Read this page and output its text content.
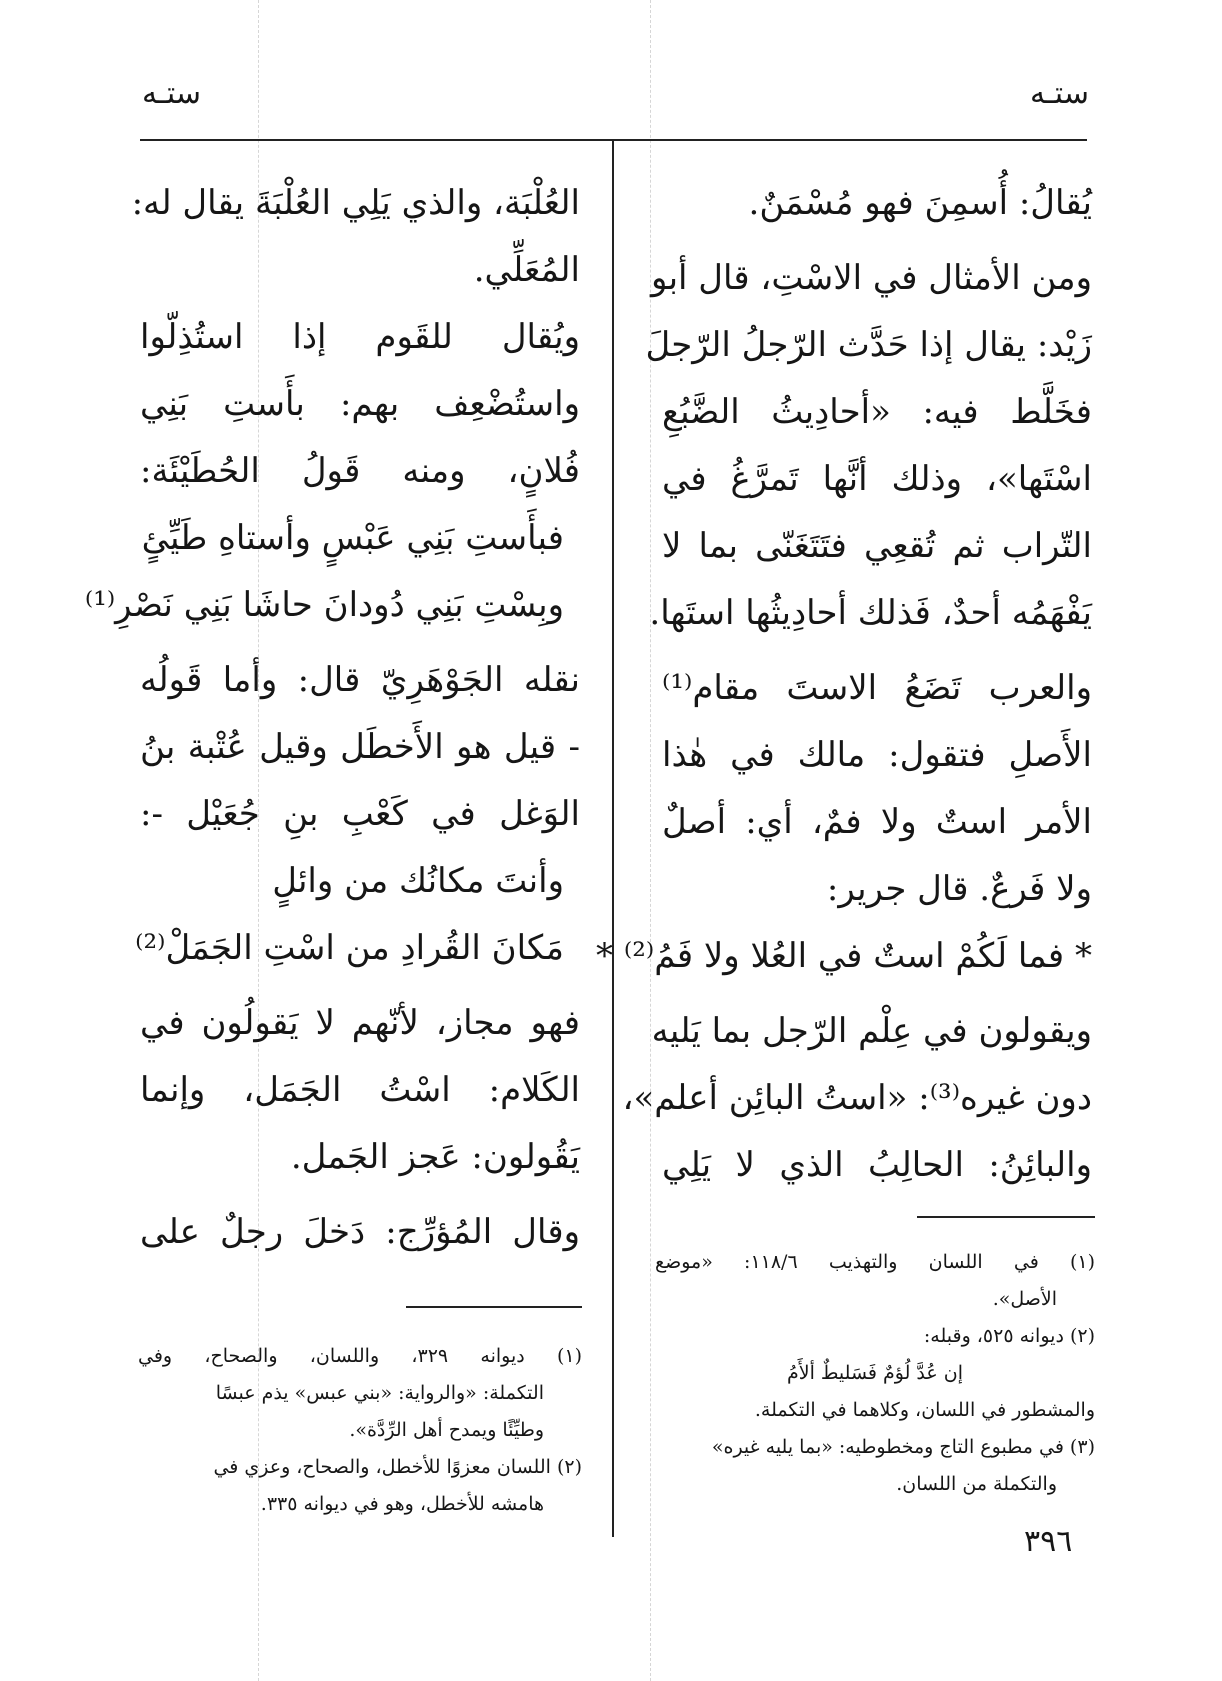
ستـه
ستـه
يُقالُ: أُسمِنَ فهو مُسْمَنٌ.
ومن الأمثال في الاسْتِ، قال أبو
زَيْد: يقال إذا حَدَّث الرّجلُ الرّجلَ
فخَلَّط فيه: «أحادِيثُ الضَّبُعِ
اسْتَها»، وذلك أنَّها تَمرَّغُ في
التّراب ثم تُقعِي فتَتَغَنّى بما لا
يَفْهَمُه أحدٌ، فَذلك أحادِيثُها استَها.
والعرب تَضَعُ الاستَ مقام⁽¹⁾
الأَصلِ فتقول: مالك في هٰذا
الأمر استٌ ولا فمٌ، أي: أصلٌ
ولا فَرعٌ. قال جرير:
* فما لَكُمْ استٌ في العُلا ولا فَمُ⁽²⁾ *
ويقولون في عِلْم الرّجل بما يَليه
دون غيره⁽³⁾: «استُ البائِن أعلم»،
والبائِنُ: الحالِبُ الذي لا يَلِي
العُلْبَة، والذي يَلِي العُلْبَةَ يقال له:
المُعَلِّي.
ويُقال للقَوم إذا استُذِلّوا
واستُضْعِف بهم: بأَستِ بَنِي
فُلانٍ، ومنه قَولُ الحُطَيْئَة:
فبأَستِ بَنِي عَبْسٍ وأستاهِ طَيِّئٍ
وبِسْتِ بَنِي دُودانَ حاشَا بَنِي نَصْرِ⁽¹⁾
نقله الجَوْهَرِيّ قال: وأما قَولُه
- قيل هو الأَخطَل وقيل عُتْبة بنُ
الوَغل في كَعْبِ بنِ جُعَيْل -:
وأنتَ مكانُك من وائلٍ
مَكانَ القُرادِ من اسْتِ الجَمَلْ⁽²⁾
فهو مجاز، لأنّهم لا يَقولُون في
الكَلام: اسْتُ الجَمَل، وإنما
يَقُولون: عَجز الجَمل.
وقال المُؤرِّج: دَخلَ رجلٌ على
(١) في اللسان والتهذيب ١١٨/٦: «موضع
الأصل».
(٢) ديوانه ٥٢٥، وقبله:
إن عُدَّ لُؤمٌ فَسَليطٌ ألأَمُ
والمشطور في اللسان، وكلاهما في التكملة.
(٣) في مطبوع التاج ومخطوطيه: «بما يليه غيره»
والتكملة من اللسان.
(١) ديوانه ٣٢٩، واللسان، والصحاح، وفي
التكملة: «والرواية: «بني عبس» يذم عبسًا
وطيِّئًا ويمدح أهل الرِّدَّة».
(٢) اللسان معزوًا للأخطل، والصحاح، وعزي في
هامشه للأخطل، وهو في ديوانه ٣٣٥.
٣٩٦
